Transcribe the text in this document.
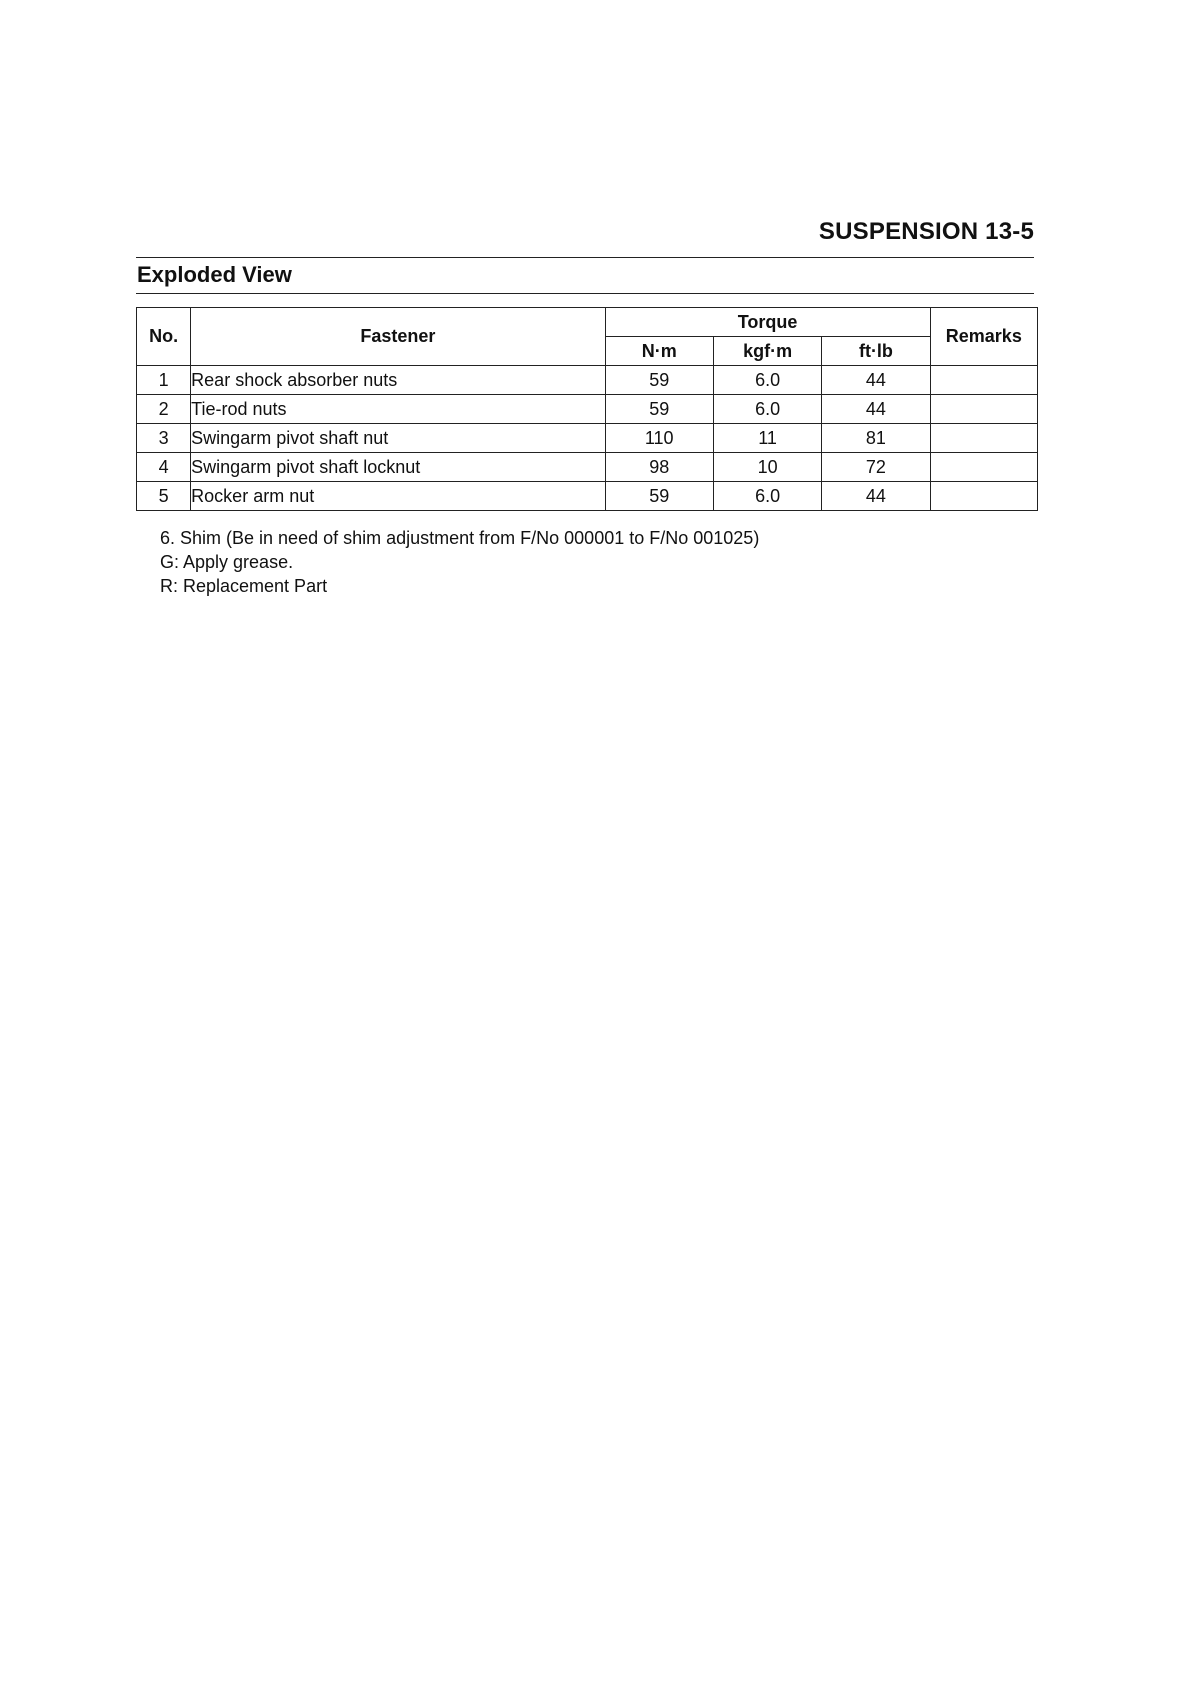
SUSPENSION 13-5
Exploded View
No.	Fastener	Torque			Remarks
		N·m	kgf·m	ft·lb	
1	Rear shock absorber nuts	59	6.0	44	
2	Tie-rod nuts	59	6.0	44	
3	Swingarm pivot shaft nut	110	11	81	
4	Swingarm pivot shaft locknut	98	10	72	
5	Rocker arm nut	59	6.0	44	
6. Shim (Be in need of shim adjustment from F/No 000001 to F/No 001025)
G: Apply grease.
R: Replacement Part
